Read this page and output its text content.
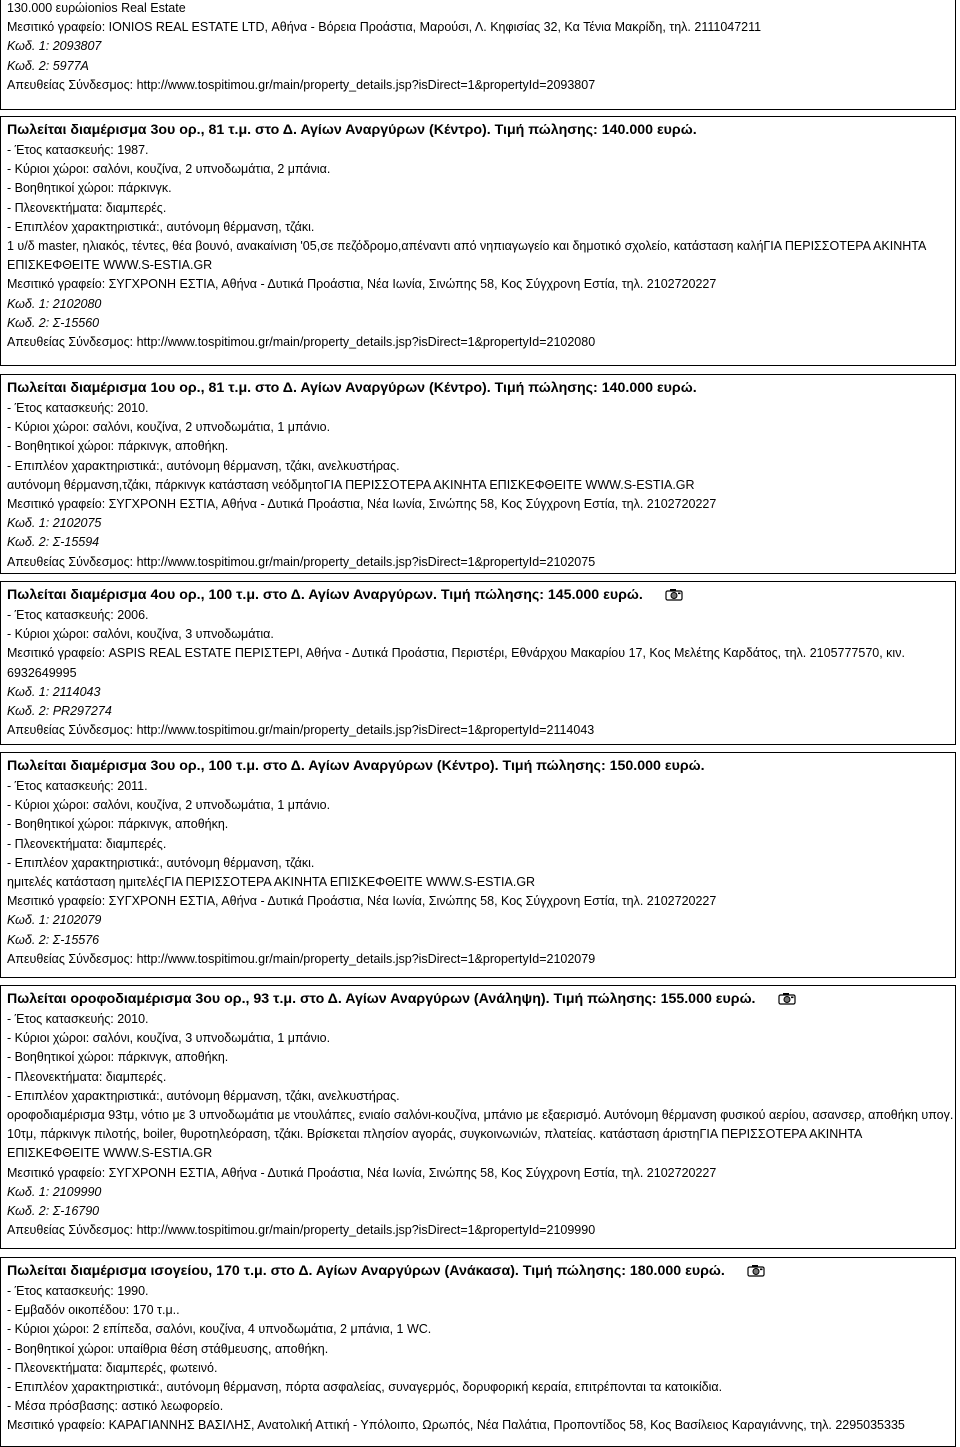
130.000 ευρώionios Real Estate
Μεσιτικό γραφείο: IONIOS REAL ESTATE LTD, Αθήνα - Βόρεια Προάστια, Μαρούσι, Λ. Κηφισίας 32, Κα Τένια Μακρίδη, τηλ. 2111047211
Κωδ. 1: 2093807
Κωδ. 2: 5977A
Απευθείας Σύνδεσμος: http://www.tospitimou.gr/main/property_details.jsp?isDirect=1&propertyId=2093807
Πωλείται διαμέρισμα 3ου ορ., 81 τ.μ. στο Δ. Αγίων Αναργύρων (Κέντρο). Τιμή πώλησης: 140.000 ευρώ.
- Έτος κατασκευής: 1987.
- Κύριοι χώροι: σαλόνι, κουζίνα, 2 υπνοδωμάτια, 2 μπάνια.
- Βοηθητικοί χώροι: πάρκινγκ.
- Πλεονεκτήματα: διαμπερές.
- Επιπλέον χαρακτηριστικά:, αυτόνομη θέρμανση, τζάκι.
1 υ/δ master, ηλιακός, τέντες, θέα βουνό, ανακαίνιση '05,σε πεζόδρομο,απέναντι από νηπιαγωγείο και δημοτικό σχολείο, κατάσταση καλήΓΙΑ ΠΕΡΙΣΣΟΤΕΡΑ ΑΚΙΝΗΤΑ ΕΠΙΣΚΕΦΘΕΙΤΕ WWW.S-ESTIA.GR
Μεσιτικό γραφείο: ΣΥΓΧΡΟΝΗ ΕΣΤΙΑ, Αθήνα - Δυτικά Προάστια, Νέα Ιωνία, Σινώπης 58, Κος Σύγχρονη Εστία, τηλ. 2102720227
Κωδ. 1: 2102080
Κωδ. 2: Σ-15560
Απευθείας Σύνδεσμος: http://www.tospitimou.gr/main/property_details.jsp?isDirect=1&propertyId=2102080
Πωλείται διαμέρισμα 1ου ορ., 81 τ.μ. στο Δ. Αγίων Αναργύρων (Κέντρο). Τιμή πώλησης: 140.000 ευρώ.
- Έτος κατασκευής: 2010.
- Κύριοι χώροι: σαλόνι, κουζίνα, 2 υπνοδωμάτια, 1 μπάνιο.
- Βοηθητικοί χώροι: πάρκινγκ, αποθήκη.
- Επιπλέον χαρακτηριστικά:, αυτόνομη θέρμανση, τζάκι, ανελκυστήρας.
αυτόνομη θέρμανση,τζάκι, πάρκινγκ κατάσταση νεόδμητοΓΙΑ ΠΕΡΙΣΣΟΤΕΡΑ ΑΚΙΝΗΤΑ ΕΠΙΣΚΕΦΘΕΙΤΕ WWW.S-ESTIA.GR
Μεσιτικό γραφείο: ΣΥΓΧΡΟΝΗ ΕΣΤΙΑ, Αθήνα - Δυτικά Προάστια, Νέα Ιωνία, Σινώπης 58, Κος Σύγχρονη Εστία, τηλ. 2102720227
Κωδ. 1: 2102075
Κωδ. 2: Σ-15594
Απευθείας Σύνδεσμος: http://www.tospitimou.gr/main/property_details.jsp?isDirect=1&propertyId=2102075
Πωλείται διαμέρισμα 4ου ορ., 100 τ.μ. στο Δ. Αγίων Αναργύρων. Τιμή πώλησης: 145.000 ευρώ.
- Έτος κατασκευής: 2006.
- Κύριοι χώροι: σαλόνι, κουζίνα, 3 υπνοδωμάτια.
Μεσιτικό γραφείο: ASPIS REAL ESTATE ΠΕΡΙΣΤΕΡΙ, Αθήνα - Δυτικά Προάστια, Περιστέρι, Εθνάρχου Μακαρίου 17, Κος Μελέτης Καρδάτος, τηλ. 2105777570, κιν. 6932649995
Κωδ. 1: 2114043
Κωδ. 2: PR297274
Απευθείας Σύνδεσμος: http://www.tospitimou.gr/main/property_details.jsp?isDirect=1&propertyId=2114043
Πωλείται διαμέρισμα 3ου ορ., 100 τ.μ. στο Δ. Αγίων Αναργύρων (Κέντρο). Τιμή πώλησης: 150.000 ευρώ.
- Έτος κατασκευής: 2011.
- Κύριοι χώροι: σαλόνι, κουζίνα, 2 υπνοδωμάτια, 1 μπάνιο.
- Βοηθητικοί χώροι: πάρκινγκ, αποθήκη.
- Πλεονεκτήματα: διαμπερές.
- Επιπλέον χαρακτηριστικά:, αυτόνομη θέρμανση, τζάκι.
ημιτελές κατάσταση ημιτελέςΓΙΑ ΠΕΡΙΣΣΟΤΕΡΑ ΑΚΙΝΗΤΑ ΕΠΙΣΚΕΦΘΕΙΤΕ WWW.S-ESTIA.GR
Μεσιτικό γραφείο: ΣΥΓΧΡΟΝΗ ΕΣΤΙΑ, Αθήνα - Δυτικά Προάστια, Νέα Ιωνία, Σινώπης 58, Κος Σύγχρονη Εστία, τηλ. 2102720227
Κωδ. 1: 2102079
Κωδ. 2: Σ-15576
Απευθείας Σύνδεσμος: http://www.tospitimou.gr/main/property_details.jsp?isDirect=1&propertyId=2102079
Πωλείται οροφοδιαμέρισμα 3ου ορ., 93 τ.μ. στο Δ. Αγίων Αναργύρων (Ανάληψη). Τιμή πώλησης: 155.000 ευρώ.
- Έτος κατασκευής: 2010.
- Κύριοι χώροι: σαλόνι, κουζίνα, 3 υπνοδωμάτια, 1 μπάνιο.
- Βοηθητικοί χώροι: πάρκινγκ, αποθήκη.
- Πλεονεκτήματα: διαμπερές.
- Επιπλέον χαρακτηριστικά:, αυτόνομη θέρμανση, τζάκι, ανελκυστήρας.
οροφοδιαμέρισμα 93τμ, νότιο με 3 υπνοδωμάτια με ντουλάπες, ενιαίο σαλόνι-κουζίνα, μπάνιο με εξαερισμό. Αυτόνομη θέρμανση φυσικού αερίου, ασανσερ, αποθήκη υπογ. 10τμ, πάρκινγκ πιλοτής, boiler, θυροτηλεόραση, τζάκι. Βρίσκεται πλησίον αγοράς, συγκοινωνιών, πλατείας. κατάσταση άριστηΓΙΑ ΠΕΡΙΣΣΟΤΕΡΑ ΑΚΙΝΗΤΑ ΕΠΙΣΚΕΦΘΕΙΤΕ WWW.S-ESTIA.GR
Μεσιτικό γραφείο: ΣΥΓΧΡΟΝΗ ΕΣΤΙΑ, Αθήνα - Δυτικά Προάστια, Νέα Ιωνία, Σινώπης 58, Κος Σύγχρονη Εστία, τηλ. 2102720227
Κωδ. 1: 2109990
Κωδ. 2: Σ-16790
Απευθείας Σύνδεσμος: http://www.tospitimou.gr/main/property_details.jsp?isDirect=1&propertyId=2109990
Πωλείται διαμέρισμα ισογείου, 170 τ.μ. στο Δ. Αγίων Αναργύρων (Ανάκασα). Τιμή πώλησης: 180.000 ευρώ.
- Έτος κατασκευής: 1990.
- Εμβαδόν οικοπέδου: 170 τ.μ..
- Κύριοι χώροι: 2 επίπεδα, σαλόνι, κουζίνα, 4 υπνοδωμάτια, 2 μπάνια, 1 WC.
- Βοηθητικοί χώροι: υπαίθρια θέση στάθμευσης, αποθήκη.
- Πλεονεκτήματα: διαμπερές, φωτεινό.
- Επιπλέον χαρακτηριστικά:, αυτόνομη θέρμανση, πόρτα ασφαλείας, συναγερμός, δορυφορική κεραία, επιτρέπονται τα κατοικίδια.
- Μέσα πρόσβασης: αστικό λεωφορείο.
Μεσιτικό γραφείο: ΚΑΡΑΓΙΑΝΝΗΣ ΒΑΣΙΛΗΣ, Ανατολική Αττική - Υπόλοιπο, Ωρωπός, Νέα Παλάτια, Προποντίδος 58, Κος Βασίλειος Καραγιάννης, τηλ. 2295035335
